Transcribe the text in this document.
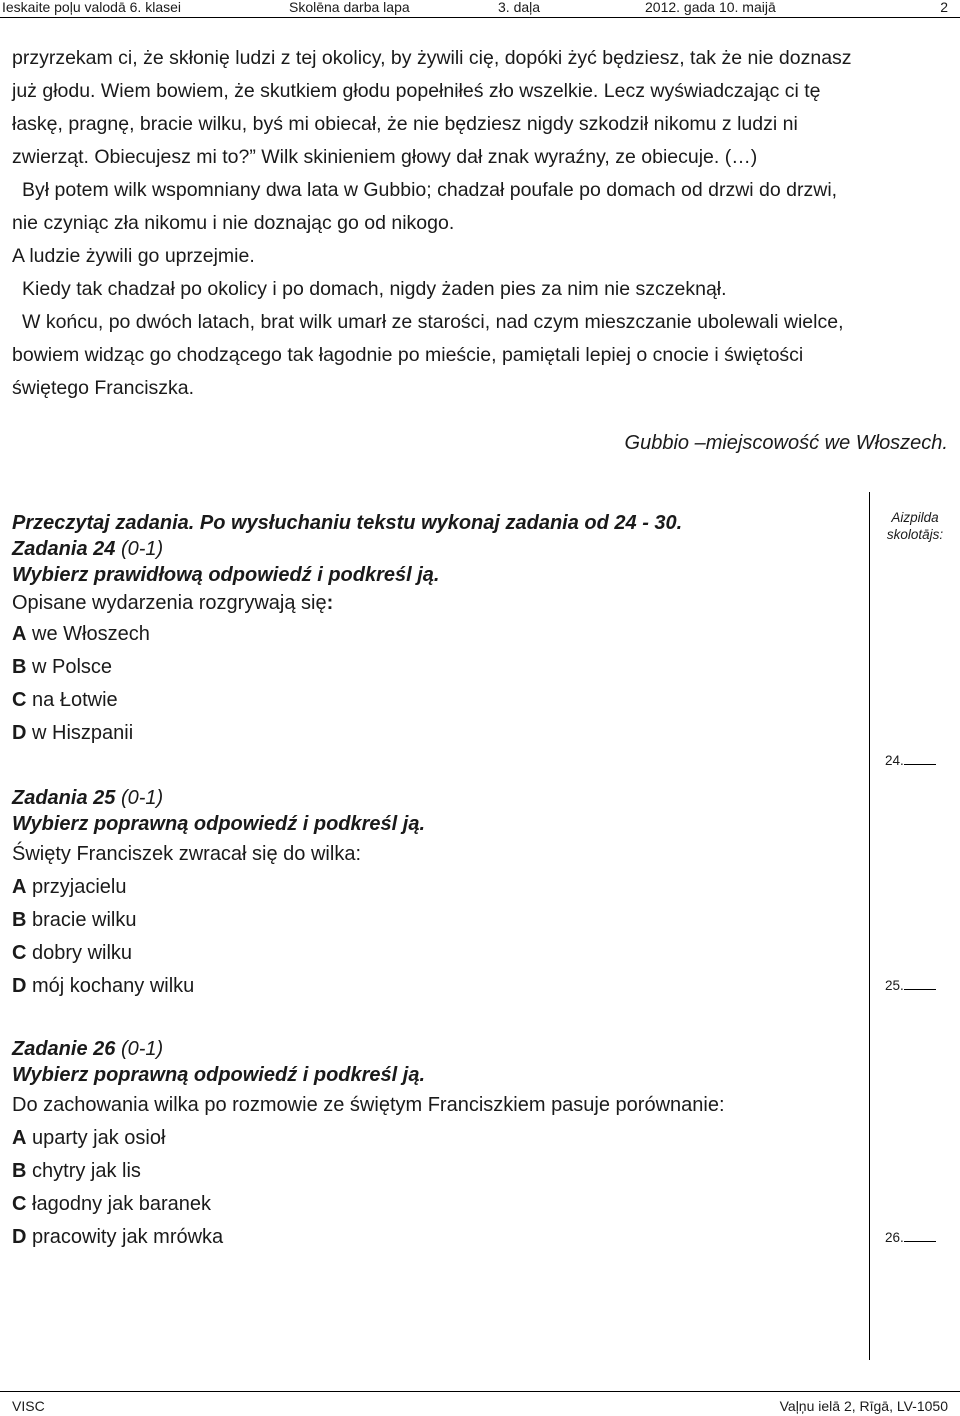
Ieskaite poļu valodā 6. klasei	Skolēna darba lapa	3. daļa	2012. gada 10. maijā	2

przyrzekam ci, że skłonię ludzi z tej okolicy, by żywili cię, dopóki żyć będziesz, tak że nie doznasz

już głodu. Wiem bowiem, że skutkiem głodu popełniłeś zło wszelkie. Lecz wyświadczając ci tę

łaskę, pragnę, bracie wilku, byś mi obiecał, że nie będziesz nigdy szkodził nikomu z ludzi ni

zwierząt. Obiecujesz mi to?” Wilk skinieniem głowy dał znak wyraźny, ze obiecuje. (…)

Był potem wilk wspomniany dwa lata w Gubbio; chadzał poufale po domach od drzwi do drzwi,

nie czyniąc zła nikomu i nie doznając go od nikogo.

A ludzie żywili go uprzejmie.

Kiedy tak chadzał po okolicy i po domach, nigdy żaden pies za nim nie szczeknął.

W końcu, po dwóch latach, brat wilk umarł ze starości, nad czym mieszczanie ubolewali wielce,

bowiem widząc go chodzącego tak łagodnie po mieście, pamiętali lepiej o cnocie i świętości

świętego Franciszka.

Gubbio –miejscowość we Włoszech.
Aizpilda
skolotājs:
24.
25.
26.
Przeczytaj zadania. Po wysłuchaniu tekstu wykonaj zadania od 24 - 30.
Zadania 24 (0-1)
Wybierz prawidłową odpowiedź i podkreśl ją.
Opisane wydarzenia rozgrywają się:
A we Włoszech
B w Polsce
C na Łotwie
D w Hiszpanii
Zadania 25 (0-1)
Wybierz poprawną odpowiedź i podkreśl ją.
Święty Franciszek zwracał się do wilka:
A przyjacielu
B bracie wilku
C dobry wilku
D mój kochany wilku
Zadanie 26 (0-1)
Wybierz poprawną odpowiedź i podkreśl ją.
Do zachowania wilka po rozmowie ze świętym Franciszkiem pasuje porównanie:
A uparty jak osioł
B chytry jak lis
C łagodny jak baranek
D pracowity jak mrówka
VISC	Vaļņu ielā 2, Rīgā, LV-1050
